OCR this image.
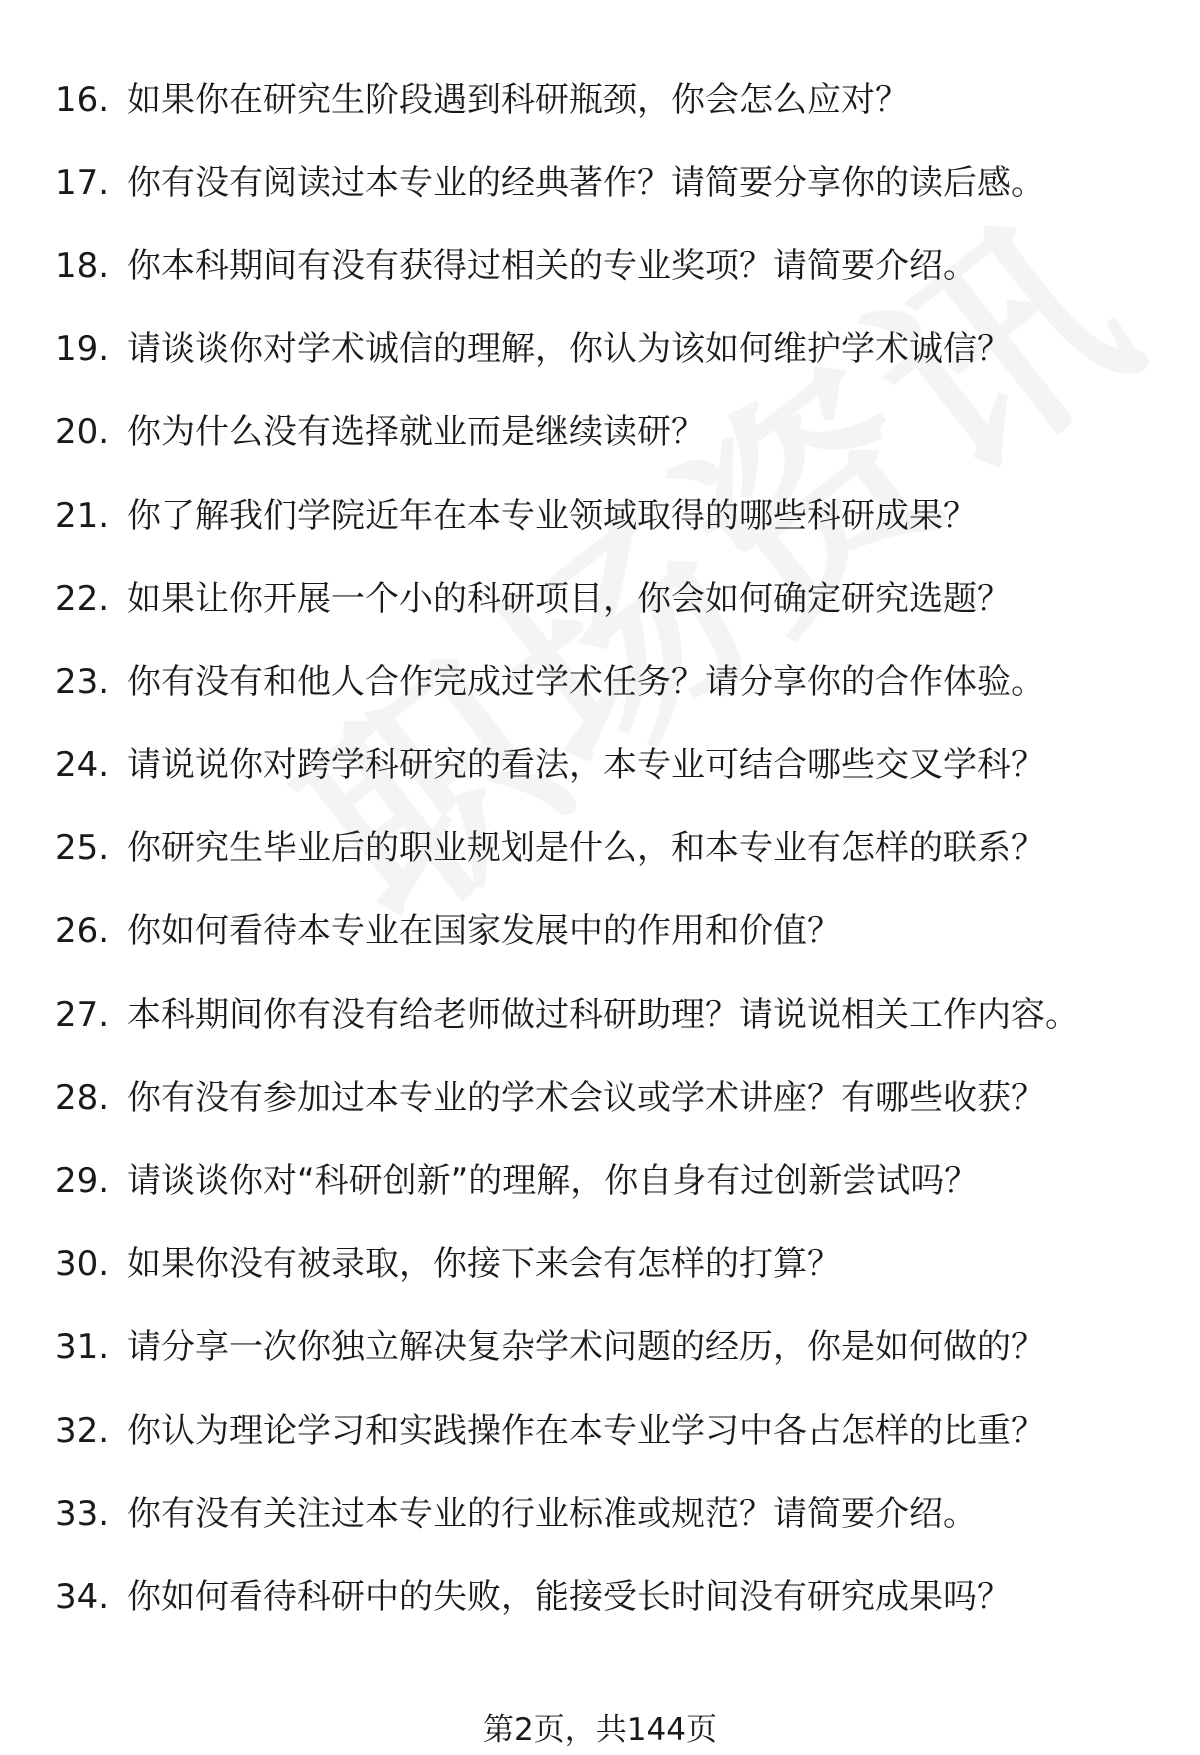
16. 如果你在研究生阶段遇到科研瓶颈，你会怎么应对？
17. 你有没有阅读过本专业的经典著作？请简要分享你的读后感。
18. 你本科期间有没有获得过相关的专业奖项？请简要介绍。
19. 请谈谈你对学术诚信的理解，你认为该如何维护学术诚信？
20. 你为什么没有选择就业而是继续读研？
21. 你了解我们学院近年在本专业领域取得的哪些科研成果？
22. 如果让你开展一个小的科研项目，你会如何确定研究选题？
23. 你有没有和他人合作完成过学术任务？请分享你的合作体验。
24. 请说说你对跨学科研究的看法，本专业可结合哪些交叉学科？
25. 你研究生毕业后的职业规划是什么，和本专业有怎样的联系？
26. 你如何看待本专业在国家发展中的作用和价值？
27. 本科期间你有没有给老师做过科研助理？请说说相关工作内容。
28. 你有没有参加过本专业的学术会议或学术讲座？有哪些收获？
29. 请谈谈你对“科研创新”的理解，你自身有过创新尝试吗？
30. 如果你没有被录取，你接下来会有怎样的打算？
31. 请分享一次你独立解决复杂学术问题的经历，你是如何做的？
32. 你认为理论学习和实践操作在本专业学习中各占怎样的比重？
33. 你有没有关注过本专业的行业标准或规范？请简要介绍。
34. 你如何看待科研中的失败，能接受长时间没有研究成果吗？
第2页，共144页
